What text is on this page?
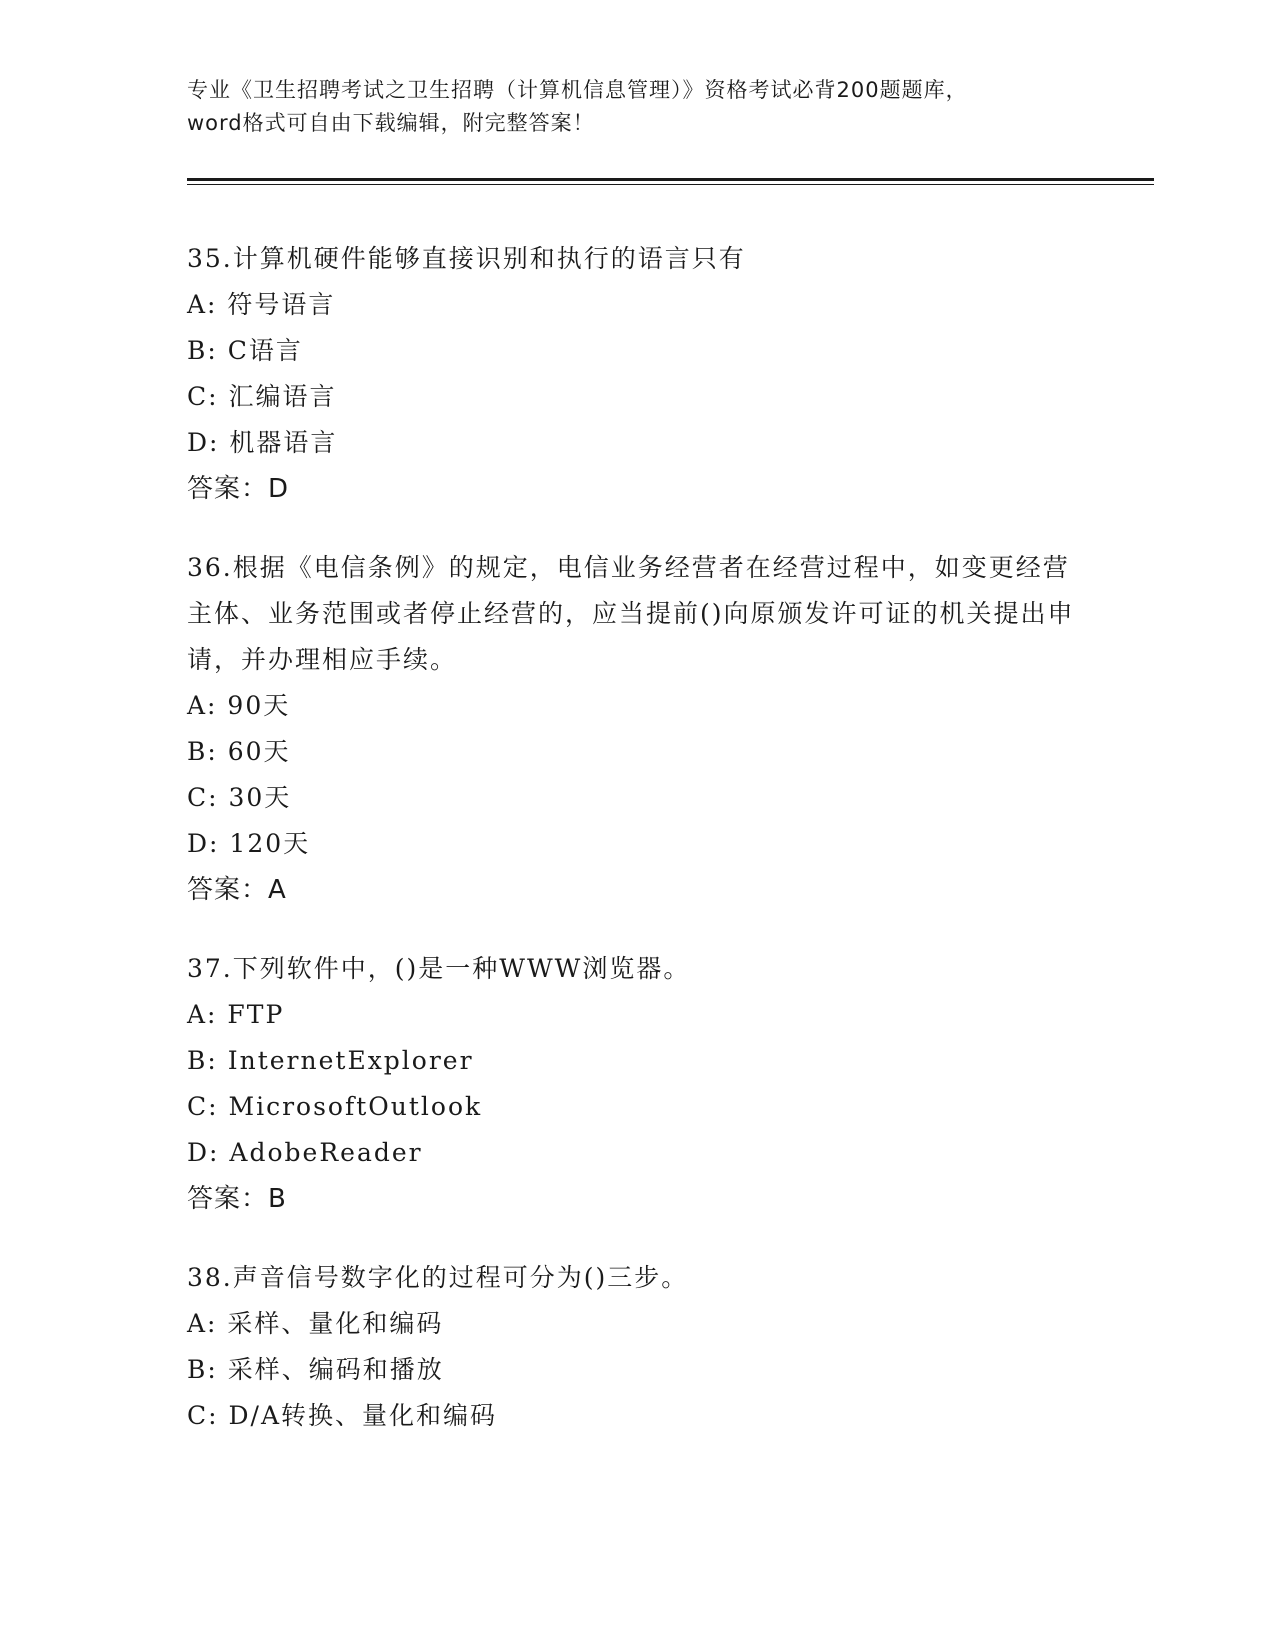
专业《卫生招聘考试之卫生招聘（计算机信息管理）》资格考试必背200题题库，
word格式可自由下载编辑，附完整答案！
35.计算机硬件能够直接识别和执行的语言只有
A: 符号语言
B: C语言
C: 汇编语言
D: 机器语言
答案：D
36.根据《电信条例》的规定，电信业务经营者在经营过程中，如变更经营主体、业务范围或者停止经营的，应当提前()向原颁发许可证的机关提出申请，并办理相应手续。
A: 90天
B: 60天
C: 30天
D: 120天
答案：A
37.下列软件中，()是一种WWW浏览器。
A: FTP
B: InternetExplorer
C: MicrosoftOutlook
D: AdobeReader
答案：B
38.声音信号数字化的过程可分为()三步。
A: 采样、量化和编码
B: 采样、编码和播放
C: D/A转换、量化和编码
